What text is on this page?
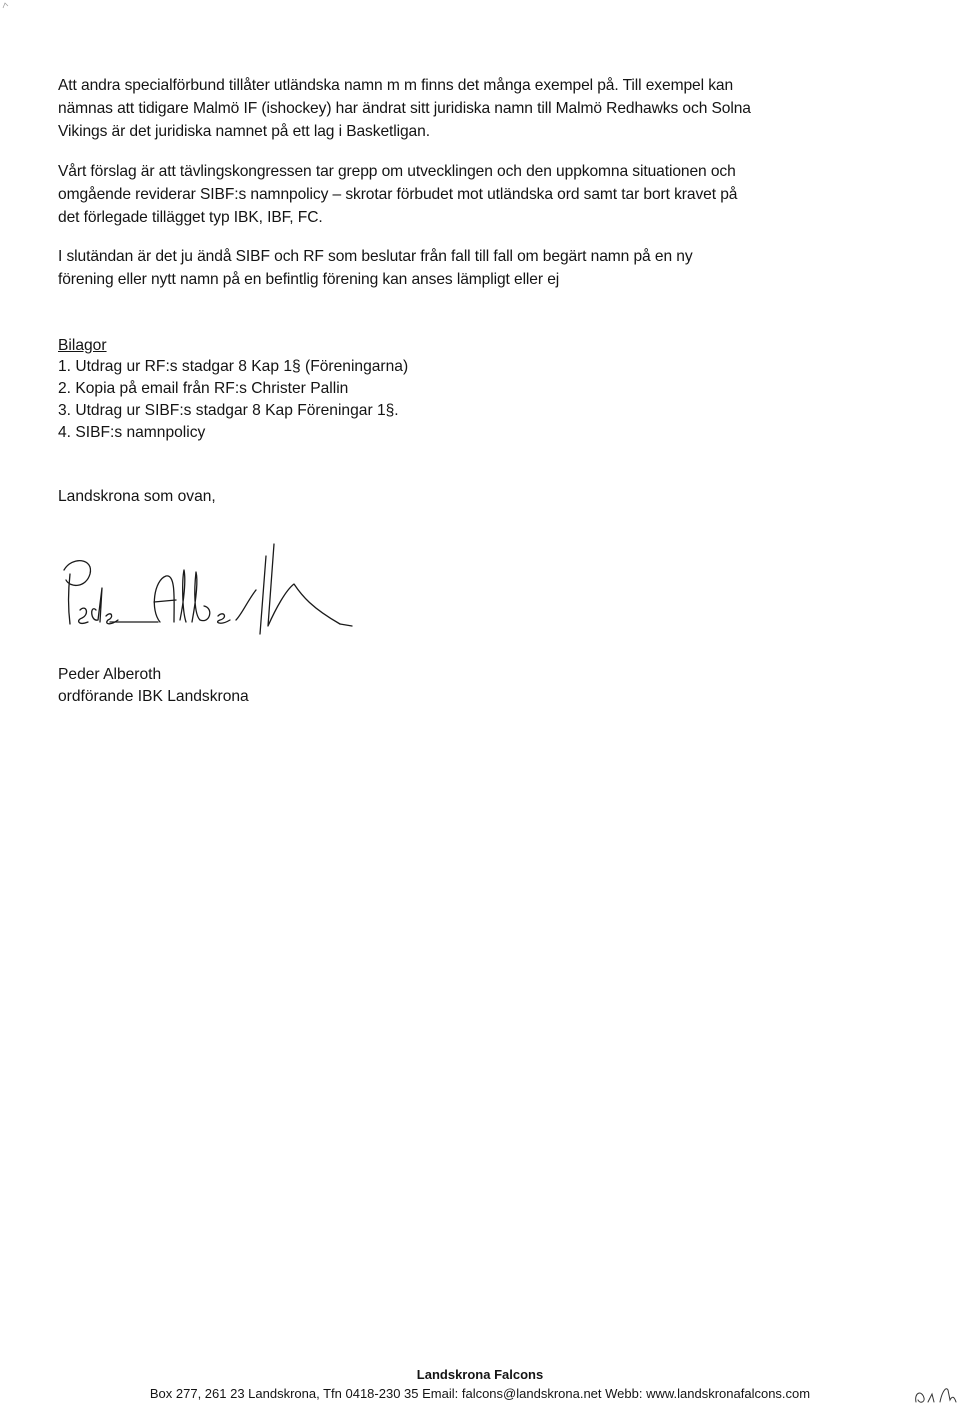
Att andra specialförbund tillåter utländska namn m m finns det många exempel på. Till exempel kan
nämnas att tidigare Malmö IF (ishockey) har ändrat sitt juridiska namn till Malmö Redhawks och Solna
Vikings är det juridiska namnet på ett lag i Basketligan.
Vårt förslag är att tävlingskongressen tar grepp om utvecklingen och den uppkomna situationen och
omgående reviderar SIBF:s namnpolicy – skrotar förbudet mot utländska ord samt tar bort kravet på
det förlegade tillägget typ IBK, IBF, FC.
I slutändan är det ju ändå SIBF och RF som beslutar från fall till fall om begärt namn på en ny
förening eller nytt namn på en befintlig förening kan anses lämpligt eller ej
Bilagor
1. Utdrag ur RF:s stadgar 8 Kap 1§ (Föreningarna)
2. Kopia på email från RF:s Christer Pallin
3. Utdrag ur SIBF:s stadgar 8 Kap Föreningar 1§.
4. SIBF:s namnpolicy
Landskrona som ovan,
Peder Alberoth
ordförande IBK Landskrona
Landskrona Falcons
Box 277, 261 23 Landskrona, Tfn 0418-230 35 Email: falcons@landskrona.net Webb: www.landskronafalcons.com
